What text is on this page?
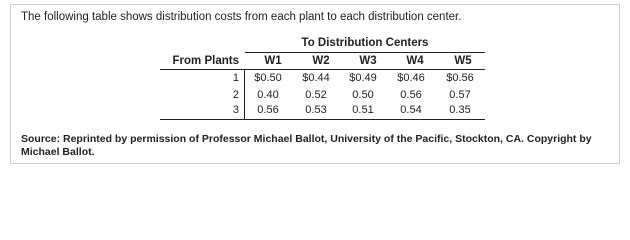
The following table shows distribution costs from each plant to each distribution center.
To Distribution Centers
From Plants	W1	W2	W3	W4	W5
1	$0.50	$0.44	$0.49	$0.46	$0.56
2	0.40	0.52	0.50	0.56	0.57
3	0.56	0.53	0.51	0.54	0.35
Source: Reprinted by permission of Professor Michael Ballot, University of the Pacific, Stockton, CA. Copyright by Michael Ballot.
